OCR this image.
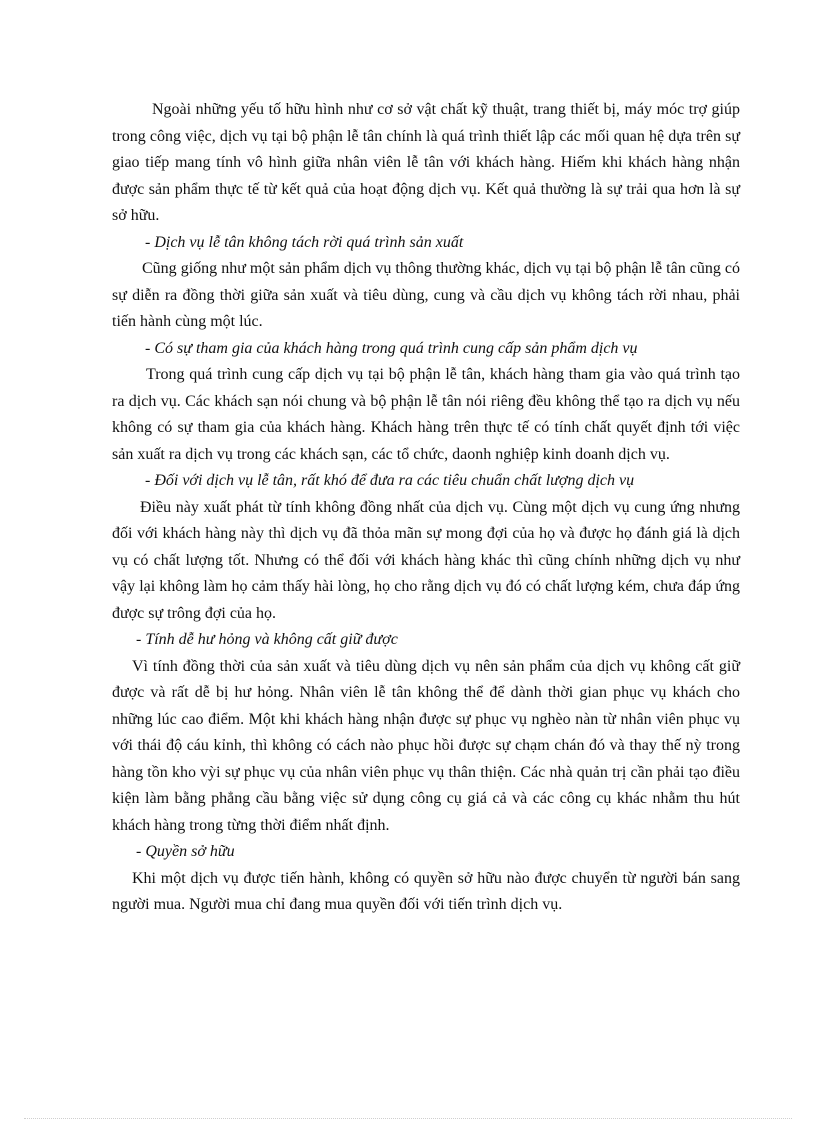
Ngoài những yếu tố hữu hình như cơ sở vật chất kỹ thuật, trang thiết bị, máy móc trợ giúp trong công việc, dịch vụ tại bộ phận lễ tân chính là quá trình thiết lập các mối quan hệ dựa trên sự giao tiếp mang tính vô hình giữa nhân viên lễ tân với khách hàng. Hiếm khi khách hàng nhận được sản phẩm thực tế từ kết quả của hoạt động dịch vụ. Kết quả thường là sự trải qua hơn là sự sở hữu.

- Dịch vụ lễ tân không tách rời quá trình sản xuất

Cũng giống như một sản phẩm dịch vụ thông thường khác, dịch vụ tại bộ phận lễ tân cũng có sự diễn ra đồng thời giữa sản xuất và tiêu dùng, cung và cầu dịch vụ không tách rời nhau, phải tiến hành cùng một lúc.

- Có sự tham gia của khách hàng trong quá trình cung cấp sản phẩm dịch vụ

Trong quá trình cung cấp dịch vụ tại bộ phận lễ tân, khách hàng tham gia vào quá trình tạo ra dịch vụ. Các khách sạn nói chung và bộ phận lễ tân nói riêng đều không thể tạo ra dịch vụ nếu không có sự tham gia của khách hàng. Khách hàng trên thực tế có tính chất quyết định tới việc sản xuất ra dịch vụ trong các khách sạn, các tổ chức, daonh nghiệp kinh doanh dịch vụ.

- Đối với dịch vụ lễ tân, rất khó để đưa ra các tiêu chuẩn chất lượng dịch vụ

Điều này xuất phát từ tính không đồng nhất của dịch vụ. Cùng một dịch vụ cung ứng nhưng đối với khách hàng này thì dịch vụ đã thỏa mãn sự mong đợi của họ và được họ đánh giá là dịch vụ có chất lượng tốt. Nhưng có thể đối với khách hàng khác thì cũng chính những dịch vụ như vậy lại không làm họ cảm thấy hài lòng, họ cho rằng dịch vụ đó có chất lượng kém, chưa đáp ứng được sự trông đợi của họ.

- Tính dễ hư hỏng và không cất giữ được

Vì tính đồng thời của sản xuất và tiêu dùng dịch vụ nên sản phẩm của dịch vụ không cất giữ được và rất dễ bị hư hỏng. Nhân viên lễ tân không thể để dành thời gian phục vụ khách cho những lúc cao điểm. Một khi khách hàng nhận được sự phục vụ nghèo nàn từ nhân viên phục vụ với thái độ cáu kỉnh, thì không có cách nào phục hồi được sự chạm chán đó và thay thế nỳ trong hàng tồn kho vỳi sự phục vụ của nhân viên phục vụ thân thiện. Các nhà quản trị cần phải tạo điều kiện làm bằng phẳng cầu bằng việc sử dụng công cụ giá cả và các công cụ khác nhằm thu hút khách hàng trong từng thời điểm nhất định.

- Quyền sở hữu

Khi một dịch vụ được tiến hành, không có quyền sở hữu nào được chuyển từ người bán sang người mua. Người mua chỉ đang mua quyền đối với tiến trình dịch vụ.
